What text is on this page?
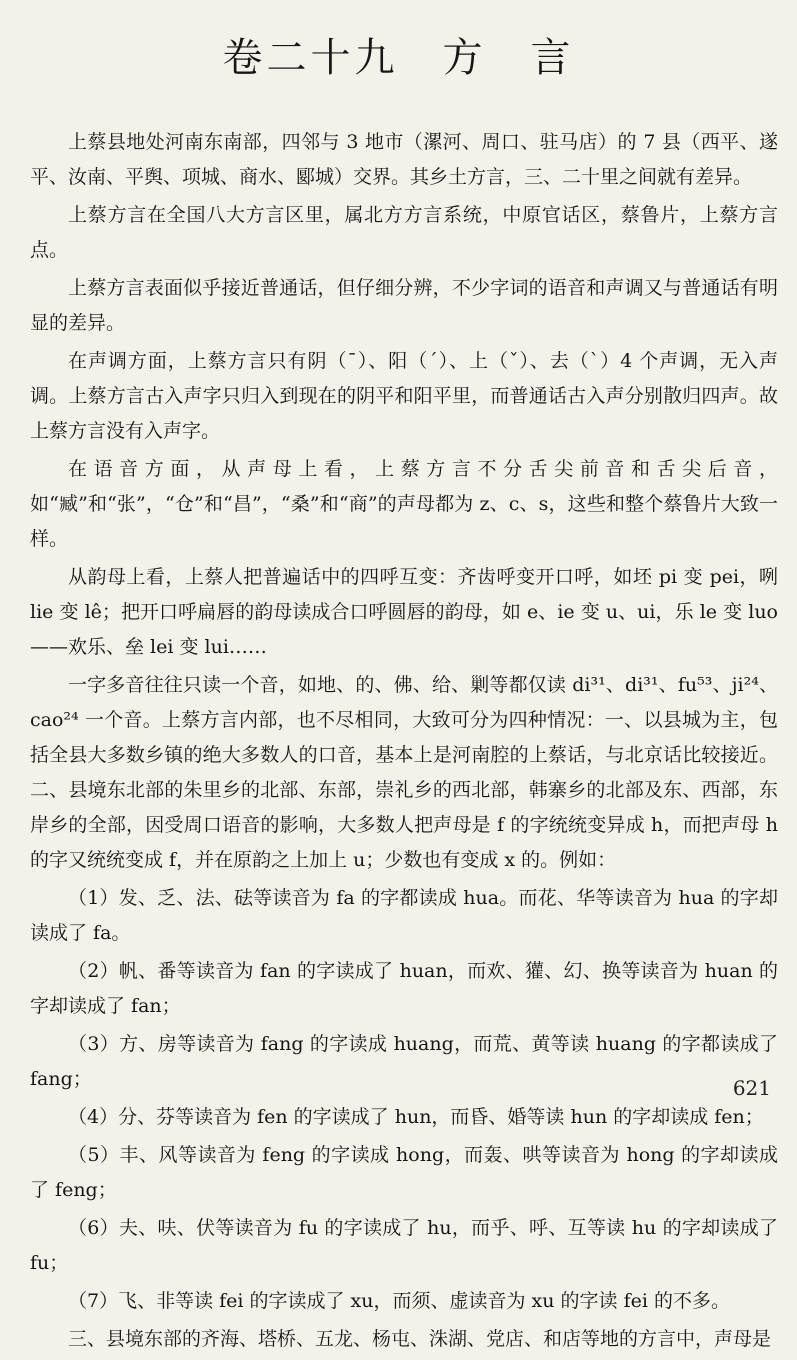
卷二十九　方　言

上蔡县地处河南东南部，四邻与 3 地市（漯河、周口、驻马店）的 7 县（西平、遂平、汝南、平舆、项城、商水、郾城）交界。其乡土方言，三、二十里之间就有差异。

上蔡方言在全国八大方言区里，属北方方言系统，中原官话区，蔡鲁片，上蔡方言点。

上蔡方言表面似乎接近普通话，但仔细分辨，不少字词的语音和声调又与普通话有明显的差异。

在声调方面，上蔡方言只有阴（ˉ）、阳（ˊ）、上（ˇ）、去（ˋ）4 个声调，无入声调。上蔡方言古入声字只归入到现在的阴平和阳平里，而普通话古入声分别散归四声。故上蔡方言没有入声字。

在语音方面，从声母上看，上蔡方言不分舌尖前音和舌尖后音，如“臧”和“张”，“仓”和“昌”，“桑”和“商”的声母都为 z、c、s，这些和整个蔡鲁片大致一样。

从韵母上看，上蔡人把普遍话中的四呼互变：齐齿呼变开口呼，如坯 pi 变 pei，咧 lie 变 lê；把开口呼扁唇的韵母读成合口呼圆唇的韵母，如 e、ie 变 u、ui，乐 le 变 luo——欢乐、垒 lei 变 lui……

一字多音往往只读一个音，如地、的、佛、给、剿等都仅读 di³¹、di³¹、fu⁵³、ji²⁴、cao²⁴ 一个音。上蔡方言内部，也不尽相同，大致可分为四种情况：一、以县城为主，包括全县大多数乡镇的绝大多数人的口音，基本上是河南腔的上蔡话，与北京话比较接近。二、县境东北部的朱里乡的北部、东部，崇礼乡的西北部，韩寨乡的北部及东、西部，东岸乡的全部，因受周口语音的影响，大多数人把声母是 f 的字统统变异成 h，而把声母 h 的字又统统变成 f，并在原韵之上加上 u；少数也有变成 x 的。例如：

（1）发、乏、法、砝等读音为 fa 的字都读成 hua。而花、华等读音为 hua 的字却读成了 fa。

（2）帆、番等读音为 fan 的字读成了 huan，而欢、獾、幻、换等读音为 huan 的字却读成了 fan；

（3）方、房等读音为 fang 的字读成 huang，而荒、黄等读 huang 的字都读成了 fang；

（4）分、芬等读音为 fen 的字读成了 hun，而昏、婚等读 hun 的字却读成 fen；

（5）丰、风等读音为 feng 的字读成 hong，而轰、哄等读音为 hong 的字却读成了 feng；

（6）夫、呋、伏等读音为 fu 的字读成了 hu，而乎、呼、互等读 hu 的字却读成了 fu；

（7）飞、非等读 fei 的字读成了 xu，而须、虚读音为 xu 的字读 fei 的不多。

三、县境东部的齐海、塔桥、五龙、杨屯、洙湖、党店、和店等地的方言中，声母是

621
